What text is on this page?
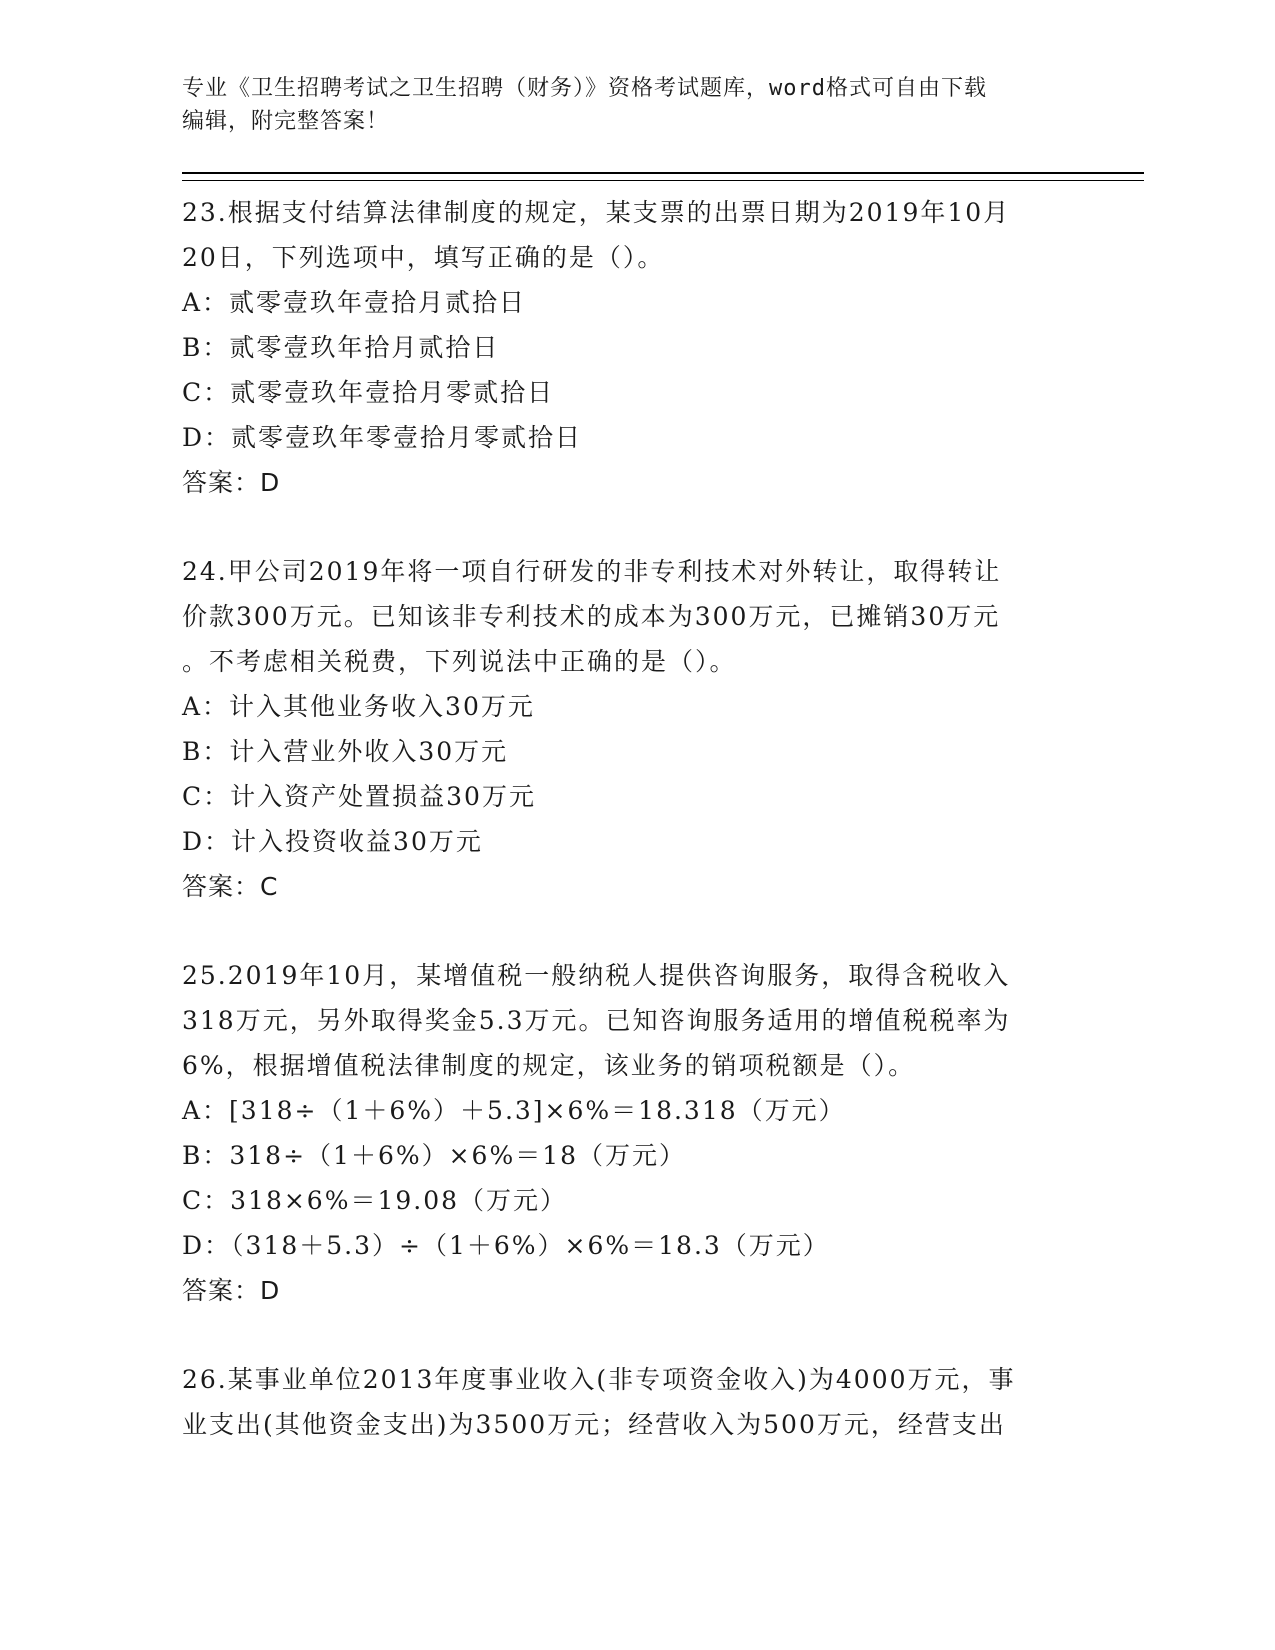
专业《卫生招聘考试之卫生招聘（财务）》资格考试题库，word格式可自由下载
编辑，附完整答案！
23.根据支付结算法律制度的规定，某支票的出票日期为2019年10月
20日，下列选项中，填写正确的是（）。
A：贰零壹玖年壹拾月贰拾日
B：贰零壹玖年拾月贰拾日
C：贰零壹玖年壹拾月零贰拾日
D：贰零壹玖年零壹拾月零贰拾日
答案：D
24.甲公司2019年将一项自行研发的非专利技术对外转让，取得转让
价款300万元。已知该非专利技术的成本为300万元，已摊销30万元
。不考虑相关税费，下列说法中正确的是（）。
A：计入其他业务收入30万元
B：计入营业外收入30万元
C：计入资产处置损益30万元
D：计入投资收益30万元
答案：C
25.2019年10月，某增值税一般纳税人提供咨询服务，取得含税收入
318万元，另外取得奖金5.3万元。已知咨询服务适用的增值税税率为
6%，根据增值税法律制度的规定，该业务的销项税额是（）。
A：[318÷（1＋6%）＋5.3]×6%＝18.318（万元）
B：318÷（1＋6%）×6%＝18（万元）
C：318×6%＝19.08（万元）
D：（318＋5.3）÷（1＋6%）×6%＝18.3（万元）
答案：D
26.某事业单位2013年度事业收入(非专项资金收入)为4000万元，事
业支出(其他资金支出)为3500万元；经营收入为500万元，经营支出
